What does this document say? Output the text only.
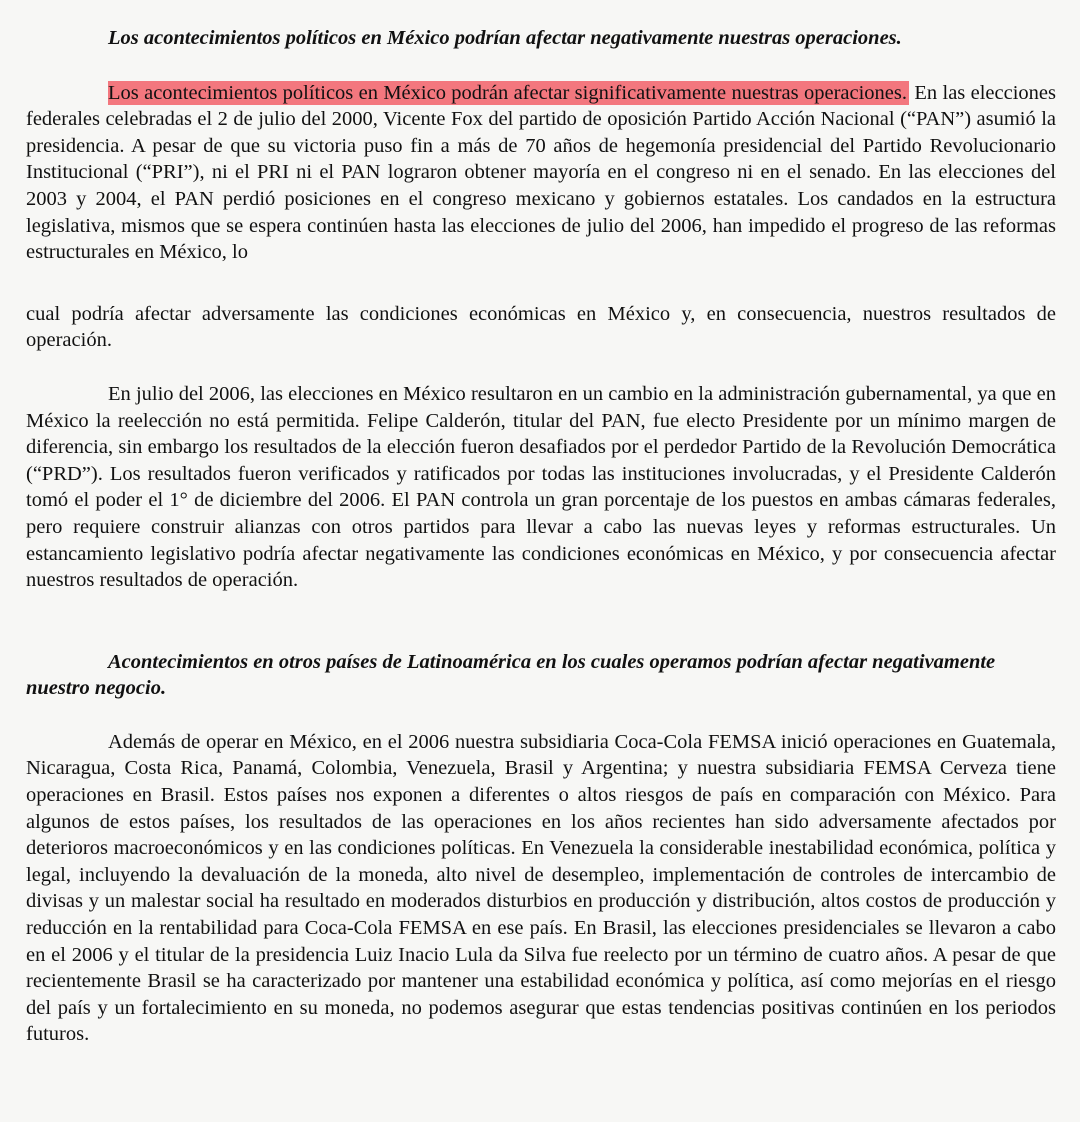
Los acontecimientos políticos en México podrían afectar negativamente nuestras operaciones.

Los acontecimientos políticos en México podrán afectar significativamente nuestras operaciones. En las elecciones federales celebradas el 2 de julio del 2000, Vicente Fox del partido de oposición Partido Acción Nacional (“PAN”) asumió la presidencia. A pesar de que su victoria puso fin a más de 70 años de hegemonía presidencial del Partido Revolucionario Institucional (“PRI”), ni el PRI ni el PAN lograron obtener mayoría en el congreso ni en el senado. En las elecciones del 2003 y 2004, el PAN perdió posiciones en el congreso mexicano y gobiernos estatales. Los candados en la estructura legislativa, mismos que se espera continúen hasta las elecciones de julio del 2006, han impedido el progreso de las reformas estructurales en México, lo

cual podría afectar adversamente las condiciones económicas en México y, en consecuencia, nuestros resultados de operación.

En julio del 2006, las elecciones en México resultaron en un cambio en la administración gubernamental, ya que en México la reelección no está permitida. Felipe Calderón, titular del PAN, fue electo Presidente por un mínimo margen de diferencia, sin embargo los resultados de la elección fueron desafiados por el perdedor Partido de la Revolución Democrática (“PRD”). Los resultados fueron verificados y ratificados por todas las instituciones involucradas, y el Presidente Calderón tomó el poder el 1° de diciembre del 2006. El PAN controla un gran porcentaje de los puestos en ambas cámaras federales, pero requiere construir alianzas con otros partidos para llevar a cabo las nuevas leyes y reformas estructurales. Un estancamiento legislativo podría afectar negativamente las condiciones económicas en México, y por consecuencia afectar nuestros resultados de operación.

Acontecimientos en otros países de Latinoamérica en los cuales operamos podrían afectar negativamente nuestro negocio.

Además de operar en México, en el 2006 nuestra subsidiaria Coca-Cola FEMSA inició operaciones en Guatemala, Nicaragua, Costa Rica, Panamá, Colombia, Venezuela, Brasil y Argentina; y nuestra subsidiaria FEMSA Cerveza tiene operaciones en Brasil. Estos países nos exponen a diferentes o altos riesgos de país en comparación con México. Para algunos de estos países, los resultados de las operaciones en los años recientes han sido adversamente afectados por deterioros macroeconómicos y en las condiciones políticas. En Venezuela la considerable inestabilidad económica, política y legal, incluyendo la devaluación de la moneda, alto nivel de desempleo, implementación de controles de intercambio de divisas y un malestar social ha resultado en moderados disturbios en producción y distribución, altos costos de producción y reducción en la rentabilidad para Coca-Cola FEMSA en ese país. En Brasil, las elecciones presidenciales se llevaron a cabo en el 2006 y el titular de la presidencia Luiz Inacio Lula da Silva fue reelecto por un término de cuatro años. A pesar de que recientemente Brasil se ha caracterizado por mantener una estabilidad económica y política, así como mejorías en el riesgo del país y un fortalecimiento en su moneda, no podemos asegurar que estas tendencias positivas continúen en los periodos futuros.
